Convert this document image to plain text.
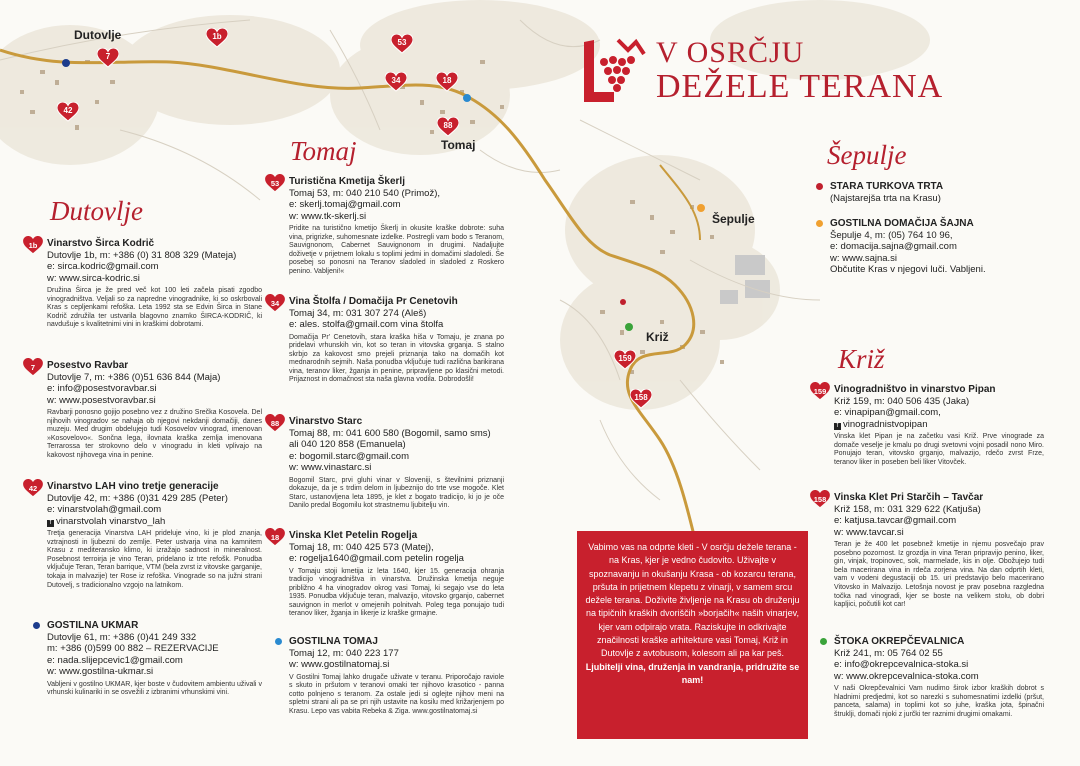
Dutovlje
Tomaj
Šepulje
Križ
1b
7
42
53
34	18
88
159
158
V OSRČJU
DEŽELE TERANA
Tomaj
Dutovlje
Šepulje
Križ
1b Vinarstvo Širca Kodrič
Dutovlje 1b, m: +386 (0) 31 808 329 (Mateja)
e: sirca.kodric@gmail.com
w: www.sirca-kodric.si
Družina Širca je že pred več kot 100 leti začela pisati zgodbo vinogradništva. Veljali so za napredne vinogradnike, ki so oskrbovali Kras s cepljenkami refoška. Leta 1992 sta se Edvin Širca in Stane Kodrič združila ter ustvarila blagovno znamko ŠIRCA-KODRIČ, ki navdušuje s kvalitetnimi vini in kraškimi dobrotami.
7	Posestvo Ravbar
Dutovlje 7, m: +386 (0)51 636 844 (Maja)
e: info@posestvoravbar.si
w: www.posestvoravbar.si
Ravbarji ponosno gojijo posebno vez z družino Srečka Kosovela. Del njihovih vinogradov se nahaja ob njegovi nekdanji domačiji, danes muzeju. Med drugim obdelujejo tudi Kosovelov vinograd, imenovan »Kosovelovo«. Sončna lega, ilovnata kraška zemlja imenovana Terrarossa ter strokovno delo v vinogradu in kleti vplivajo na kakovost njihovega vina in penine.
42 Vinarstvo LAH vino tretje generacije
Dutovlje 42, m: +386 (0)31 429 285 (Peter)
e: vinarstvolah@gmail.com
f vinarstvolah vinarstvo_lah
Tretja generacija Vinarstva LAH prideluje vino, ki je plod znanja, vztrajnosti in ljubezni do zemlje. Peter ustvarja vina na kamnitem Krasu z mediteransko klimo, ki izražajo sadnost in mineralnost. Posebnost terroirja je vino Teran, pridelano iz trte refošk. Ponudba vključuje Teran, Teran barrique, VTM (bela zvrst iz vitovske garganije, tokaja in malvazije) ter Rose iz refoška. Vinograde so na južni strani Dutovelj, s tradicionalno vzgojo na latnikom.
GOSTILNA UKMAR
Dutovlje 61, m: +386 (0)41 249 332
m: +386 (0)599 00 882 – REZERVACIJE
e: nada.slijepcevic1@gmail.com
w: www.gostilna-ukmar.si
Vabljeni v gostilno UKMAR, kjer boste v čudovitem ambientu uživali v vrhunski kulinariki in se osvežili z izbranimi vrhunskimi vini.
53 Turistična Kmetija Škerlj
Tomaj 53, m: 040 210 540 (Primož),
e: skerlj.tomaj@gmail.com
w: www.tk-skerlj.si
Pridite na turistično kmetijo Škerlj in okusite kraške dobrote: suha vina, prigrizke, suhomesnate izdelke. Postregli vam bodo s Teranom, Sauvignonom, Cabernet Sauvignonom in drugimi. Nadaljujte doživetje v prijetnem lokalu s toplimi jedmi in domačimi sladoledi. Še posebej so ponosni na Teranov sladoled in sladoled z Roskero penino. Vabljeni!«
34 Vina Štolfa / Domačija Pr Cenetovih
Tomaj 34, m: 031 307 274 (Aleš)
e: ales. stolfa@gmail.com vina štolfa
Domačija Pr' Cenetovih, stara kraška hiša v Tomaju, je znana po pridelavi vrhunskih vin, kot so teran in vitovska grganja. S stalno skrbjo za kakovost smo prejeli priznanja tako na domačih kot mednarodnih sejmih. Naša ponudba vključuje tudi različna barikirana vina, teranov liker, žganja in penine, pripravljene po klasični metodi. Prijaznost in domačnost sta naša glavna vodila. Dobrodošli!
88 Vinarstvo Starc
Tomaj 88, m: 041 600 580 (Bogomil, samo sms)
ali 040 120 858 (Emanuela)
e: bogomil.starc@gmail.com
w: www.vinastarc.si
Bogomil Starc, prvi gluhi vinar v Sloveniji, s številnimi priznanji dokazuje, da je s trdim delom in ljubeznijo do trte vse mogoče. Klet Starc, ustanovljena leta 1895, je klet z bogato tradicijo, ki jo je oče Danilo predal Bogomilu kot strastnemu ljubitelju vin.
18 Vinska Klet Petelin Rogelja
Tomaj 18, m: 040 425 573 (Matej),
e: rogelja1640@gmail.com petelin rogelja
V Tomaju stoji kmetija iz leta 1640, kjer 15. generacija ohranja tradicijo vinogradništva in vinarstva. Družinska kmetija neguje približno 4 ha vinogradov okrog vasi Tomaj, ki segajo vse do leta 1935. Ponudba vključuje teran, malvazijo, vitovsko grganjo, cabernet sauvignon in merlot v omejenih polnitvah. Poleg tega ponujajo tudi teranov liker, žganja in likerje iz kraške grmajne.
GOSTILNA TOMAJ
Tomaj 12, m: 040 223 177
w: www.gostilnatomaj.si
V Gostilni Tomaj lahko drugače uživate v teranu. Priporočajo raviole s skuto in pršutom v teranovi omaki ter njihovo krasotico - panna cotto polnjeno s teranom. Za ostale jedi si oglejte njihov meni na spletni strani ali pa se pri njih ustavite na kosilu med križarjenjem po Krasu. Lepo vas vabita Rebeka & Ziga. www.gostilnatomaj.si
STARA TURKOVA TRTA
(Najstarejša trta na Krasu)
GOSTILNA DOMAČIJA ŠAJNA
Šepulje 4, m: (05) 764 10 96,
e: domacija.sajna@gmail.com
w: www.sajna.si
Občutite Kras v njegovi luči. Vabljeni.
159 Vinogradništvo in vinarstvo Pipan
Križ 159, m: 040 506 435 (Jaka)
e: vinapipan@gmail.com,
f vinogradnistvopipan
Vinska klet Pipan je na začetku vasi Križ. Prve vinograde za domače veselje je kmalu po drugi svetovni vojni posadil nono Miro. Ponujajo teran, vitovsko grganjo, malvazijo, rdečo zvrst Frze, teranov liker in poseben beli liker Vitovček.
158 Vinska Klet Pri Starčih – Tavčar
Križ 158, m: 031 329 622 (Katjuša)
e: katjusa.tavcar@gmail.com
w: www.tavcar.si
Teran je že 400 let posebnež kmetije in njemu posvečajo prav posebno pozornost. Iz grozdja in vina Teran pripravijo penino, liker, gin, vinjak, tropinovec, sok, marmelade, kis in olje. Obožujejo tudi bela macerirana vina in rdeča zorjena vina. Na dan odprtih kleti, vam v vodeni degustaciji ob 15. uri predstavijo belo macerirano Vitovsko in Malvazijo. Letošnja novost je prav posebna razgledna točka nad vinogradi, kjer se boste na velikem stolu, ob dobri kapljici, počutili kot car!
ŠTOKA OKREPČEVALNICA
Križ 241, m: 05 764 02 55
e: info@okrepcevalnica-stoka.si
w: www.okrepcevalnica-stoka.com
V naši Okrepčevalnici Vam nudimo širok izbor kraških dobrot s hladnimi predjedmi, kot so narezki s suhomesnatimi izdelki (pršut, panceta, salama) in toplimi kot so juhe, kraška jota, špinačni štruklji, domači njoki z jurčki ter raznimi drugimi omakami.
Vabimo vas na odprte kleti - V osrčju dežele terana - na Kras, kjer je vedno čudovito. Uživajte v spoznavanju in okušanju Krasa - ob kozarcu terana, pršuta in prijetnem klepetu z vinarji, v samem srcu dežele terana. Doživite življenje na Krasu ob druženju na tipičnih kraških dvoriščih »borjačih« naših vinarjev, kjer vam odpirajo vrata. Raziskujte in odkrivajte značilnosti kraške arhitekture vasi Tomaj, Križ in Dutovlje z avtobusom, kolesom ali pa kar peš.
Ljubitelji vina, druženja in vandranja, pridružite se nam!
